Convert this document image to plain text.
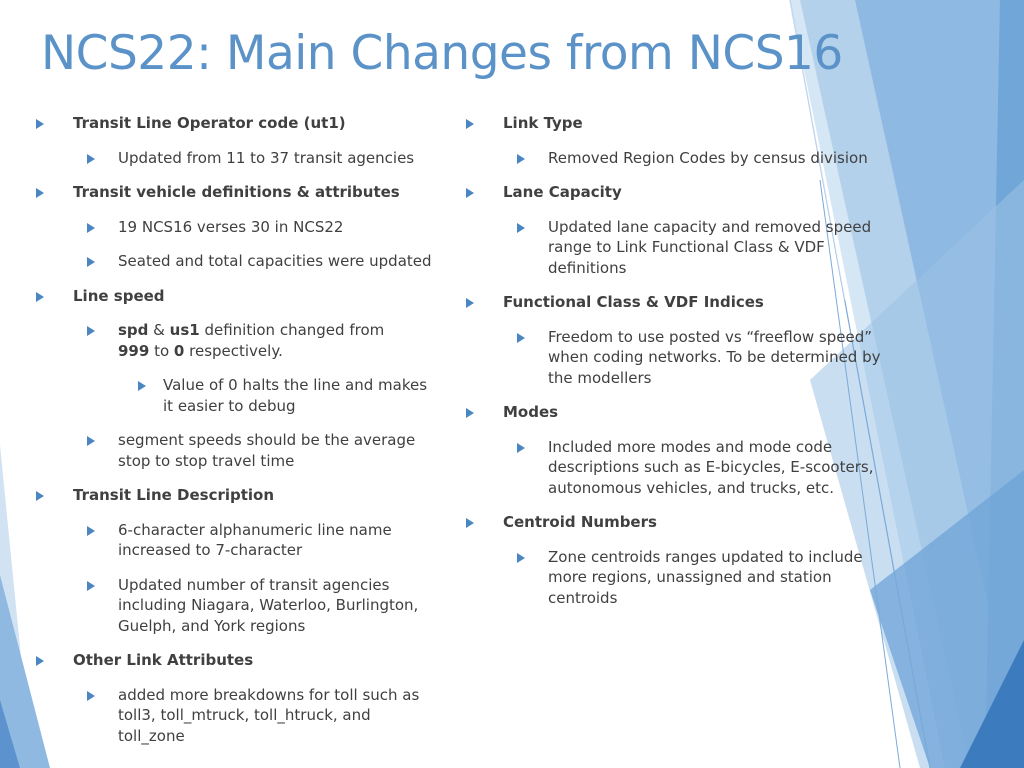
NCS22: Main Changes from NCS16
Transit Line Operator code (ut1)
Updated from 11 to 37 transit agencies
Transit vehicle definitions & attributes
19 NCS16 verses 30 in NCS22
Seated and total capacities were updated
Line speed
spd & us1 definition changed from 999 to 0 respectively.
Value of 0 halts the line and makes it easier to debug
segment speeds should be the average stop to stop travel time
Transit Line Description
6-character alphanumeric line name increased to 7-character
Updated number of transit agencies including Niagara, Waterloo, Burlington, Guelph, and York regions
Other Link Attributes
added more breakdowns for toll such as toll3, toll_mtruck, toll_htruck, and toll_zone
Link Type
Removed Region Codes by census division
Lane Capacity
Updated lane capacity and removed speed range to Link Functional Class & VDF definitions
Functional Class & VDF Indices
Freedom to use posted vs “freeflow speed” when coding networks. To be determined by the modellers
Modes
Included more modes and mode code descriptions such as E-bicycles, E-scooters, autonomous vehicles, and trucks, etc.
Centroid Numbers
Zone centroids ranges updated to include more regions, unassigned and station centroids
